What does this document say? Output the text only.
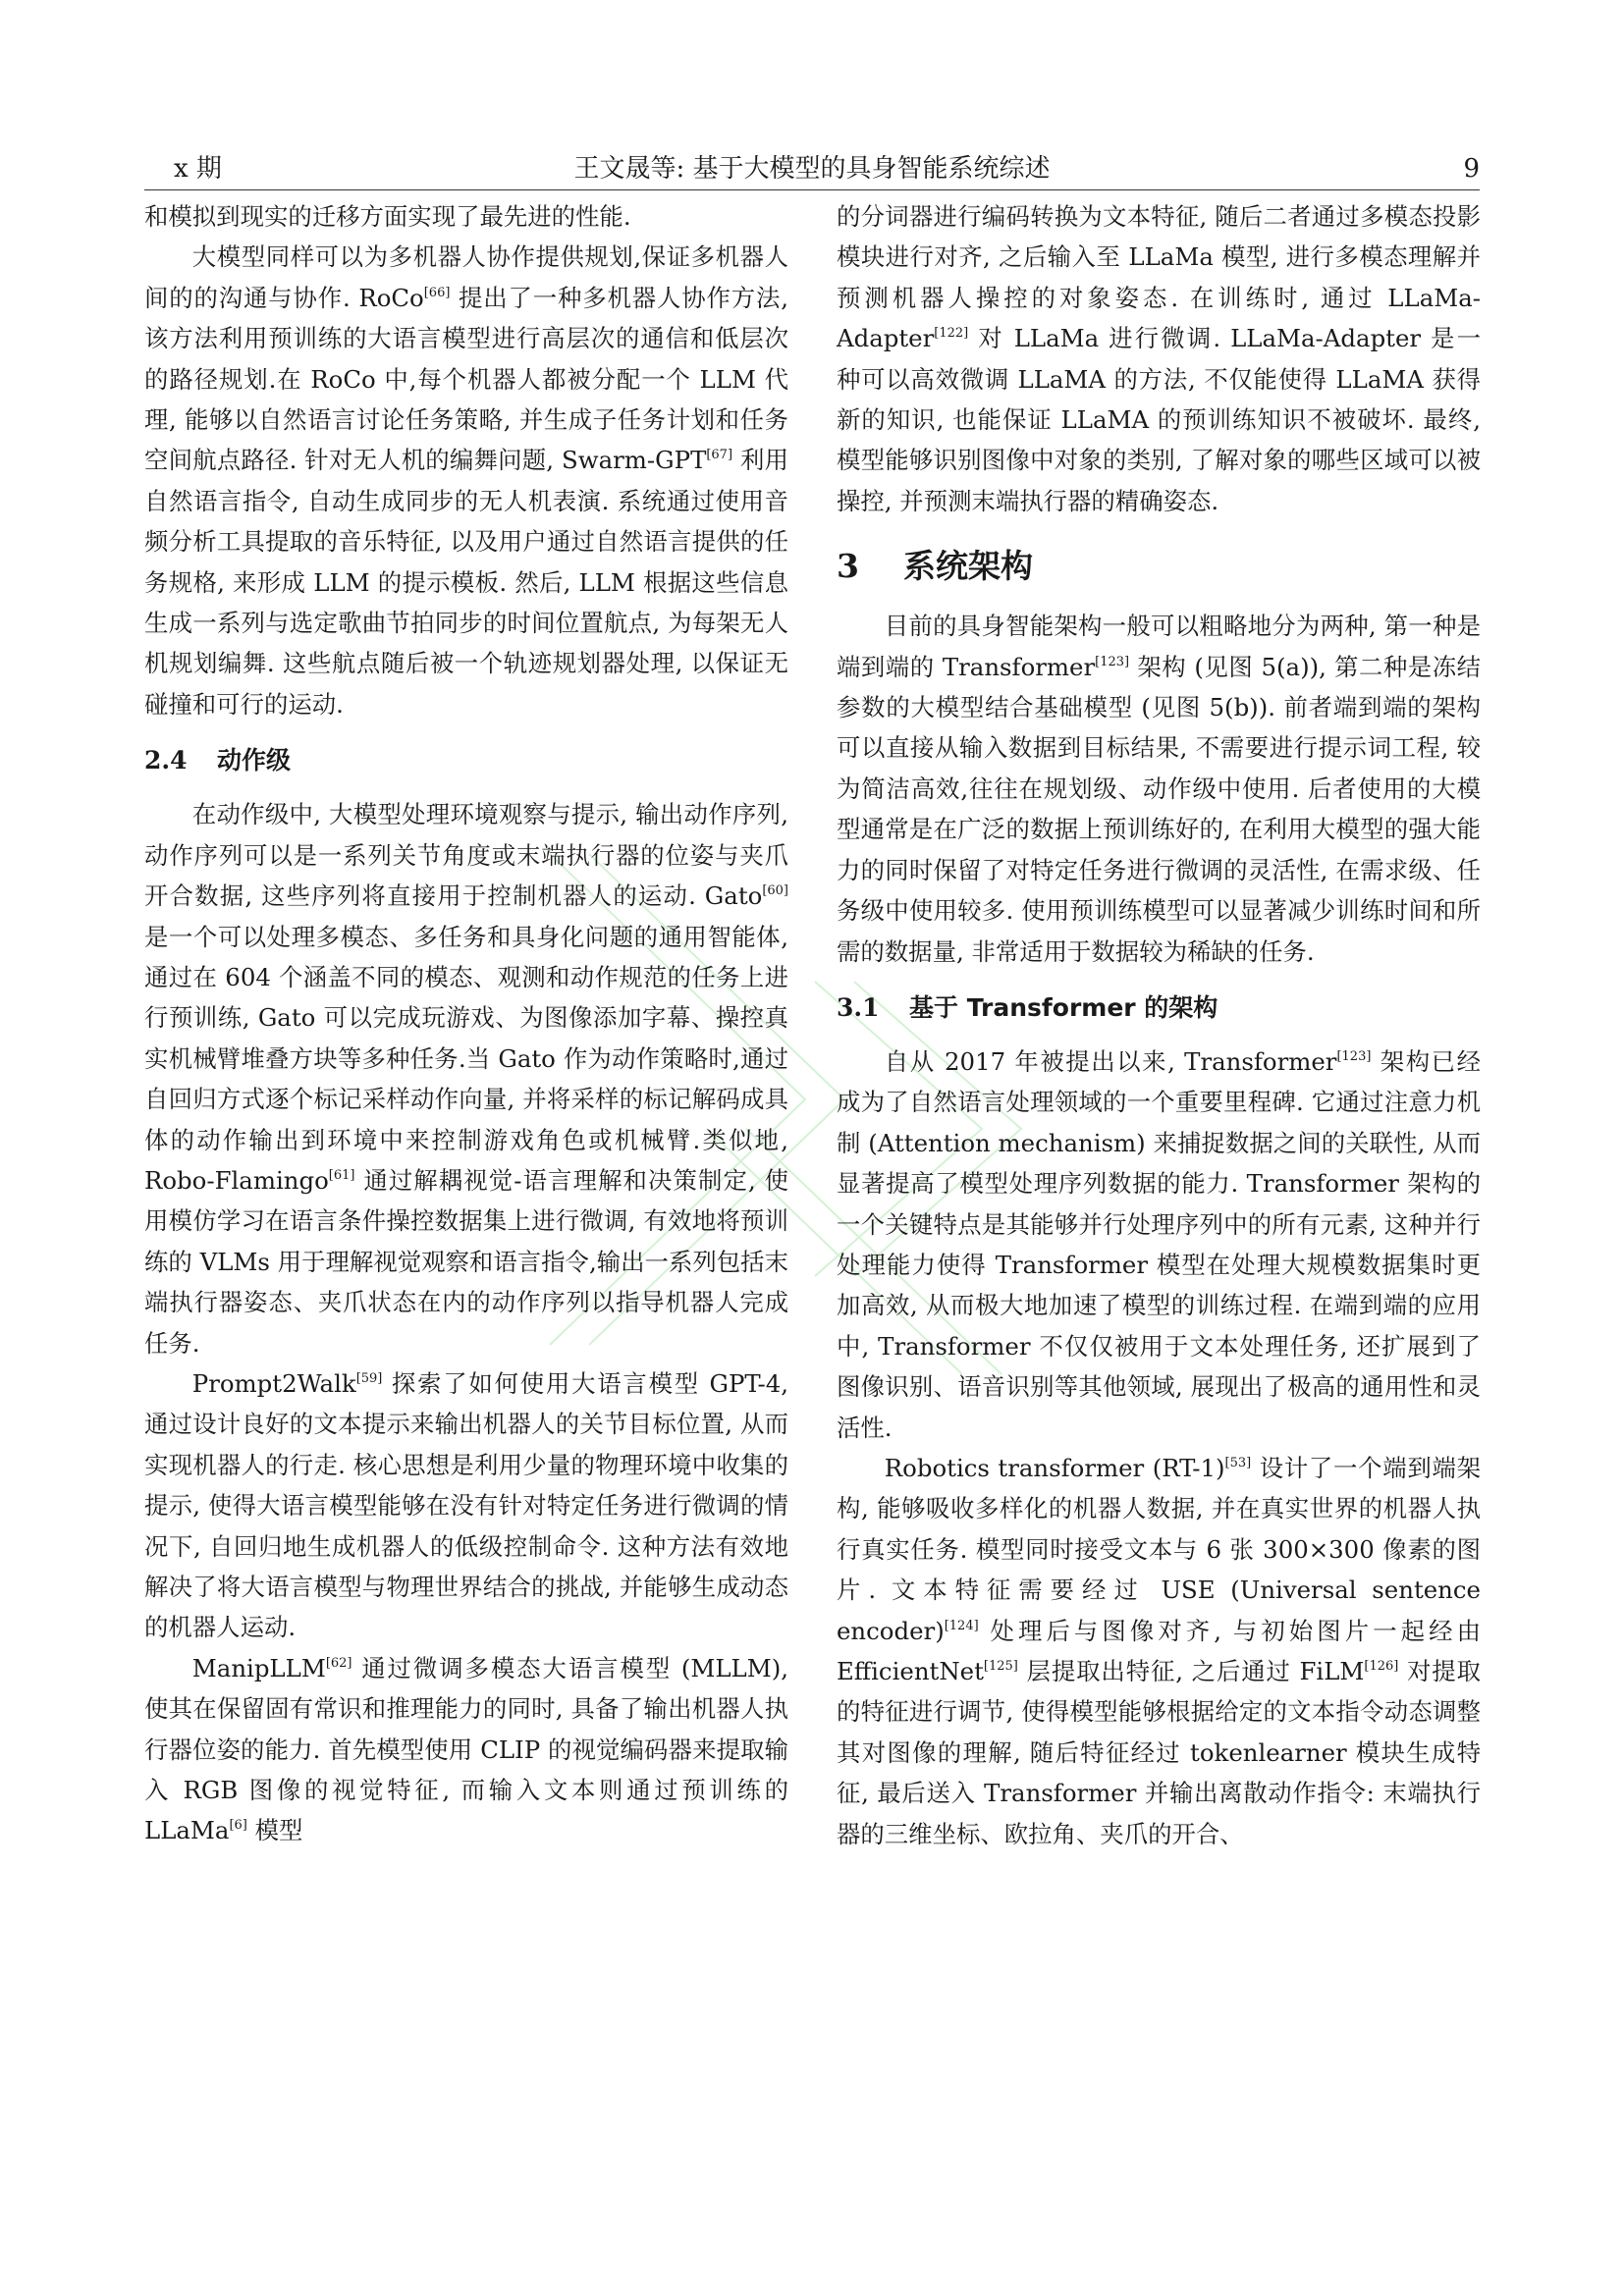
x 期	王文晟等: 基于大模型的具身智能系统综述	9

和模拟到现实的迁移方面实现了最先进的性能.

大模型同样可以为多机器人协作提供规划,保证多机器人间的的沟通与协作. RoCo[66] 提出了一种多机器人协作方法, 该方法利用预训练的大语言模型进行高层次的通信和低层次的路径规划.在 RoCo 中,每个机器人都被分配一个 LLM 代理, 能够以自然语言讨论任务策略, 并生成子任务计划和任务空间航点路径. 针对无人机的编舞问题, Swarm-GPT[67] 利用自然语言指令, 自动生成同步的无人机表演. 系统通过使用音频分析工具提取的音乐特征, 以及用户通过自然语言提供的任务规格, 来形成 LLM 的提示模板. 然后, LLM 根据这些信息生成一系列与选定歌曲节拍同步的时间位置航点, 为每架无人机规划编舞. 这些航点随后被一个轨迹规划器处理, 以保证无碰撞和可行的运动.

2.4 动作级

在动作级中, 大模型处理环境观察与提示, 输出动作序列, 动作序列可以是一系列关节角度或末端执行器的位姿与夹爪开合数据, 这些序列将直接用于控制机器人的运动. Gato[60] 是一个可以处理多模态、多任务和具身化问题的通用智能体, 通过在 604 个涵盖不同的模态、观测和动作规范的任务上进行预训练, Gato 可以完成玩游戏、为图像添加字幕、操控真实机械臂堆叠方块等多种任务.当 Gato 作为动作策略时,通过自回归方式逐个标记采样动作向量, 并将采样的标记解码成具体的动作输出到环境中来控制游戏角色或机械臂.类似地, Robo-Flamingo[61] 通过解耦视觉-语言理解和决策制定, 使用模仿学习在语言条件操控数据集上进行微调, 有效地将预训练的 VLMs 用于理解视觉观察和语言指令,输出一系列包括末端执行器姿态、夹爪状态在内的动作序列以指导机器人完成任务.

Prompt2Walk[59] 探索了如何使用大语言模型 GPT-4, 通过设计良好的文本提示来输出机器人的关节目标位置, 从而实现机器人的行走. 核心思想是利用少量的物理环境中收集的提示, 使得大语言模型能够在没有针对特定任务进行微调的情况下, 自回归地生成机器人的低级控制命令. 这种方法有效地解决了将大语言模型与物理世界结合的挑战, 并能够生成动态的机器人运动.

ManipLLM[62] 通过微调多模态大语言模型 (MLLM), 使其在保留固有常识和推理能力的同时, 具备了输出机器人执行器位姿的能力. 首先模型使用 CLIP 的视觉编码器来提取输入 RGB 图像的视觉特征, 而输入文本则通过预训练的 LLaMa[6] 模型

的分词器进行编码转换为文本特征, 随后二者通过多模态投影模块进行对齐, 之后输入至 LLaMa 模型, 进行多模态理解并预测机器人操控的对象姿态. 在训练时, 通过 LLaMa-Adapter[122] 对 LLaMa 进行微调. LLaMa-Adapter 是一种可以高效微调 LLaMA 的方法, 不仅能使得 LLaMA 获得新的知识, 也能保证 LLaMA 的预训练知识不被破坏. 最终, 模型能够识别图像中对象的类别, 了解对象的哪些区域可以被操控, 并预测末端执行器的精确姿态.

3 系统架构

目前的具身智能架构一般可以粗略地分为两种, 第一种是端到端的 Transformer[123] 架构 (见图 5(a)), 第二种是冻结参数的大模型结合基础模型 (见图 5(b)). 前者端到端的架构可以直接从输入数据到目标结果, 不需要进行提示词工程, 较为简洁高效,往往在规划级、动作级中使用. 后者使用的大模型通常是在广泛的数据上预训练好的, 在利用大模型的强大能力的同时保留了对特定任务进行微调的灵活性, 在需求级、任务级中使用较多. 使用预训练模型可以显著减少训练时间和所需的数据量, 非常适用于数据较为稀缺的任务.

3.1 基于 Transformer 的架构

自从 2017 年被提出以来, Transformer[123] 架构已经成为了自然语言处理领域的一个重要里程碑. 它通过注意力机制 (Attention mechanism) 来捕捉数据之间的关联性, 从而显著提高了模型处理序列数据的能力. Transformer 架构的一个关键特点是其能够并行处理序列中的所有元素, 这种并行处理能力使得 Transformer 模型在处理大规模数据集时更加高效, 从而极大地加速了模型的训练过程. 在端到端的应用中, Transformer 不仅仅被用于文本处理任务, 还扩展到了图像识别、语音识别等其他领域, 展现出了极高的通用性和灵活性.

Robotics transformer (RT-1)[53] 设计了一个端到端架构, 能够吸收多样化的机器人数据, 并在真实世界的机器人执行真实任务. 模型同时接受文本与 6 张 300×300 像素的图片. 文本特征需要经过 USE (Universal sentence encoder)[124] 处理后与图像对齐, 与初始图片一起经由 EfficientNet[125] 层提取出特征, 之后通过 FiLM[126] 对提取的特征进行调节, 使得模型能够根据给定的文本指令动态调整其对图像的理解, 随后特征经过 tokenlearner 模块生成特征, 最后送入 Transformer 并输出离散动作指令: 末端执行器的三维坐标、欧拉角、夹爪的开合、
